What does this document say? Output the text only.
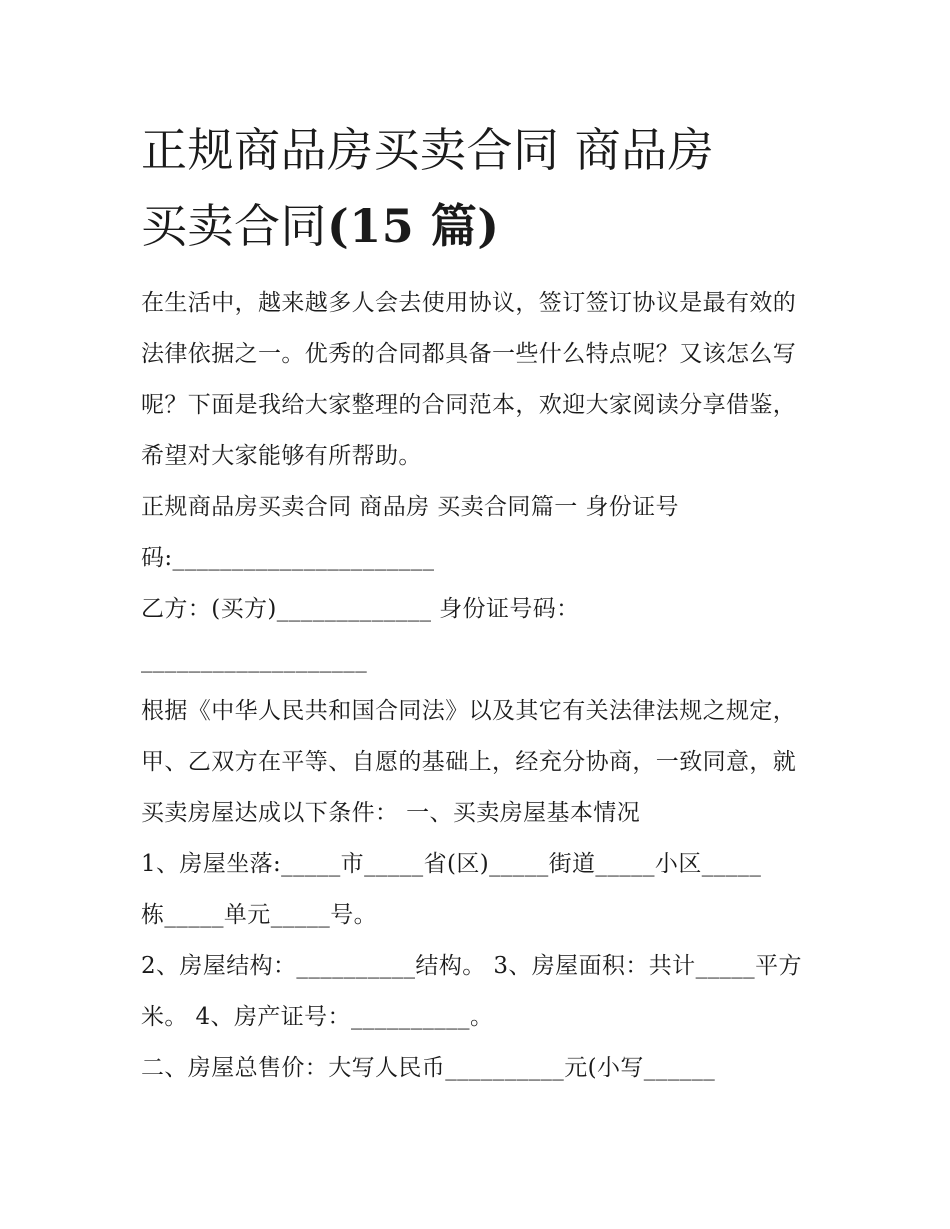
正规商品房买卖合同 商品房
买卖合同(15 篇)

在生活中，越来越多人会去使用协议，签订签订协议是最有效的法律依据之一。优秀的合同都具备一些什么特点呢？又该怎么写呢？下面是我给大家整理的合同范本，欢迎大家阅读分享借鉴，希望对大家能够有所帮助。

正规商品房买卖合同 商品房 买卖合同篇一 身份证号

码:______________________

乙方：(买方)_____________ 身份证号码：

___________________

根据《中华人民共和国合同法》以及其它有关法律法规之规定，甲、乙双方在平等、自愿的基础上，经充分协商，一致同意，就买卖房屋达成以下条件： 一、买卖房屋基本情况

1、房屋坐落:_____市_____省(区)_____街道_____小区_____

栋_____单元_____号。

2、房屋结构：__________结构。 3、房屋面积：共计_____平方米。 4、房产证号：__________。

二、房屋总售价：大写人民币__________元(小写______
